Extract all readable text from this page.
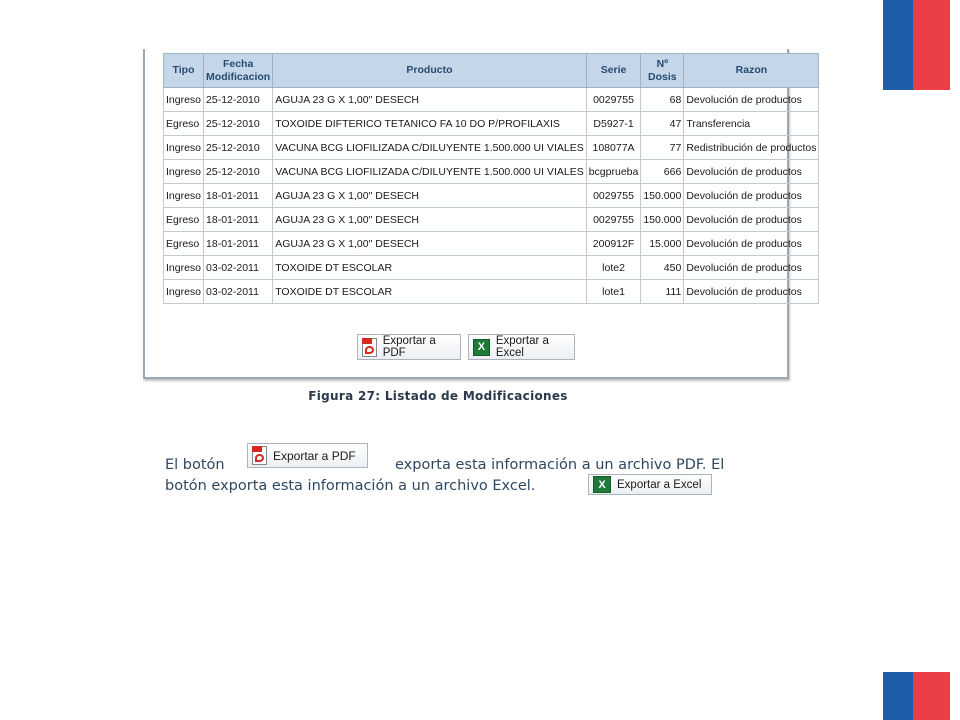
Tipo	Fecha Modificacion	Producto	Serie	Nº Dosis	Razon
Ingreso	25-12-2010	AGUJA 23 G X 1,00" DESECH	0029755	68	Devolución de productos
Egreso	25-12-2010	TOXOIDE DIFTERICO TETANICO FA 10 DO P/PROFILAXIS	D5927-1	47	Transferencia
Ingreso	25-12-2010	VACUNA BCG LIOFILIZADA C/DILUYENTE 1.500.000 UI VIALES	108077A	77	Redistribución de productos
Ingreso	25-12-2010	VACUNA BCG LIOFILIZADA C/DILUYENTE 1.500.000 UI VIALES	bcgprueba	666	Devolución de productos
Ingreso	18-01-2011	AGUJA 23 G X 1,00" DESECH	0029755	150.000	Devolución de productos
Egreso	18-01-2011	AGUJA 23 G X 1,00" DESECH	0029755	150.000	Devolución de productos
Egreso	18-01-2011	AGUJA 23 G X 1,00" DESECH	200912F	15.000	Devolución de productos
Ingreso	03-02-2011	TOXOIDE DT ESCOLAR	lote2	450	Devolución de productos
Ingreso	03-02-2011	TOXOIDE DT ESCOLAR	lote1	111	Devolución de productos
Exportar a PDF	X Exportar a Excel
Figura 27: Listado de Modificaciones
El botón	exporta esta información a un archivo PDF. El
botón exporta esta información a un archivo Excel.
Exportar a PDF
X Exportar a Excel
